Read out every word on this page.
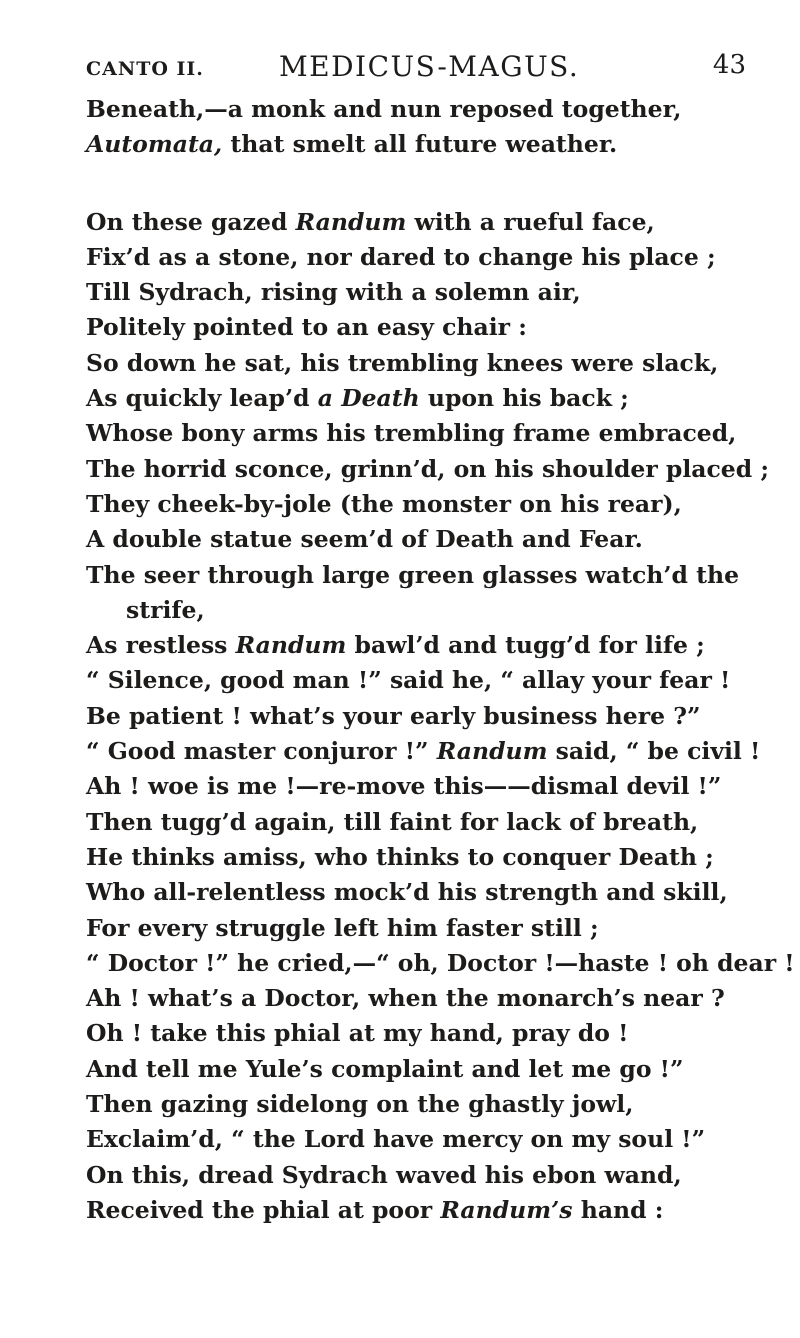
CANTO II.	MEDICUS-MAGUS.	43
Beneath,—a monk and nun reposed together,
Automata, that smelt all future weather.
On these gazed Randum with a rueful face,
Fix’d as a stone, nor dared to change his place ;
Till Sydrach, rising with a solemn air,
Politely pointed to an easy chair :
So down he sat, his trembling knees were slack,
As quickly leap’d a Death upon his back ;
Whose bony arms his trembling frame embraced,
The horrid sconce, grinn’d, on his shoulder placed ;
They cheek-by-jole (the monster on his rear),
A double statue seem’d of Death and Fear.
The seer through large green glasses watch’d the
strife,
As restless Randum bawl’d and tugg’d for life ;
“ Silence, good man !” said he, “ allay your fear !
Be patient ! what’s your early business here ?”
“ Good master conjuror !” Randum said, “ be civil !
Ah ! woe is me !—re-move this——dismal devil !”
Then tugg’d again, till faint for lack of breath,
He thinks amiss, who thinks to conquer Death ;
Who all-relentless mock’d his strength and skill,
For every struggle left him faster still ;
“ Doctor !” he cried,—“ oh, Doctor !—haste ! oh dear !
Ah ! what’s a Doctor, when the monarch’s near ?
Oh ! take this phial at my hand, pray do !
And tell me Yule’s complaint and let me go !”
Then gazing sidelong on the ghastly jowl,
Exclaim’d, “ the Lord have mercy on my soul !”
On this, dread Sydrach waved his ebon wand,
Received the phial at poor Randum’s hand :
